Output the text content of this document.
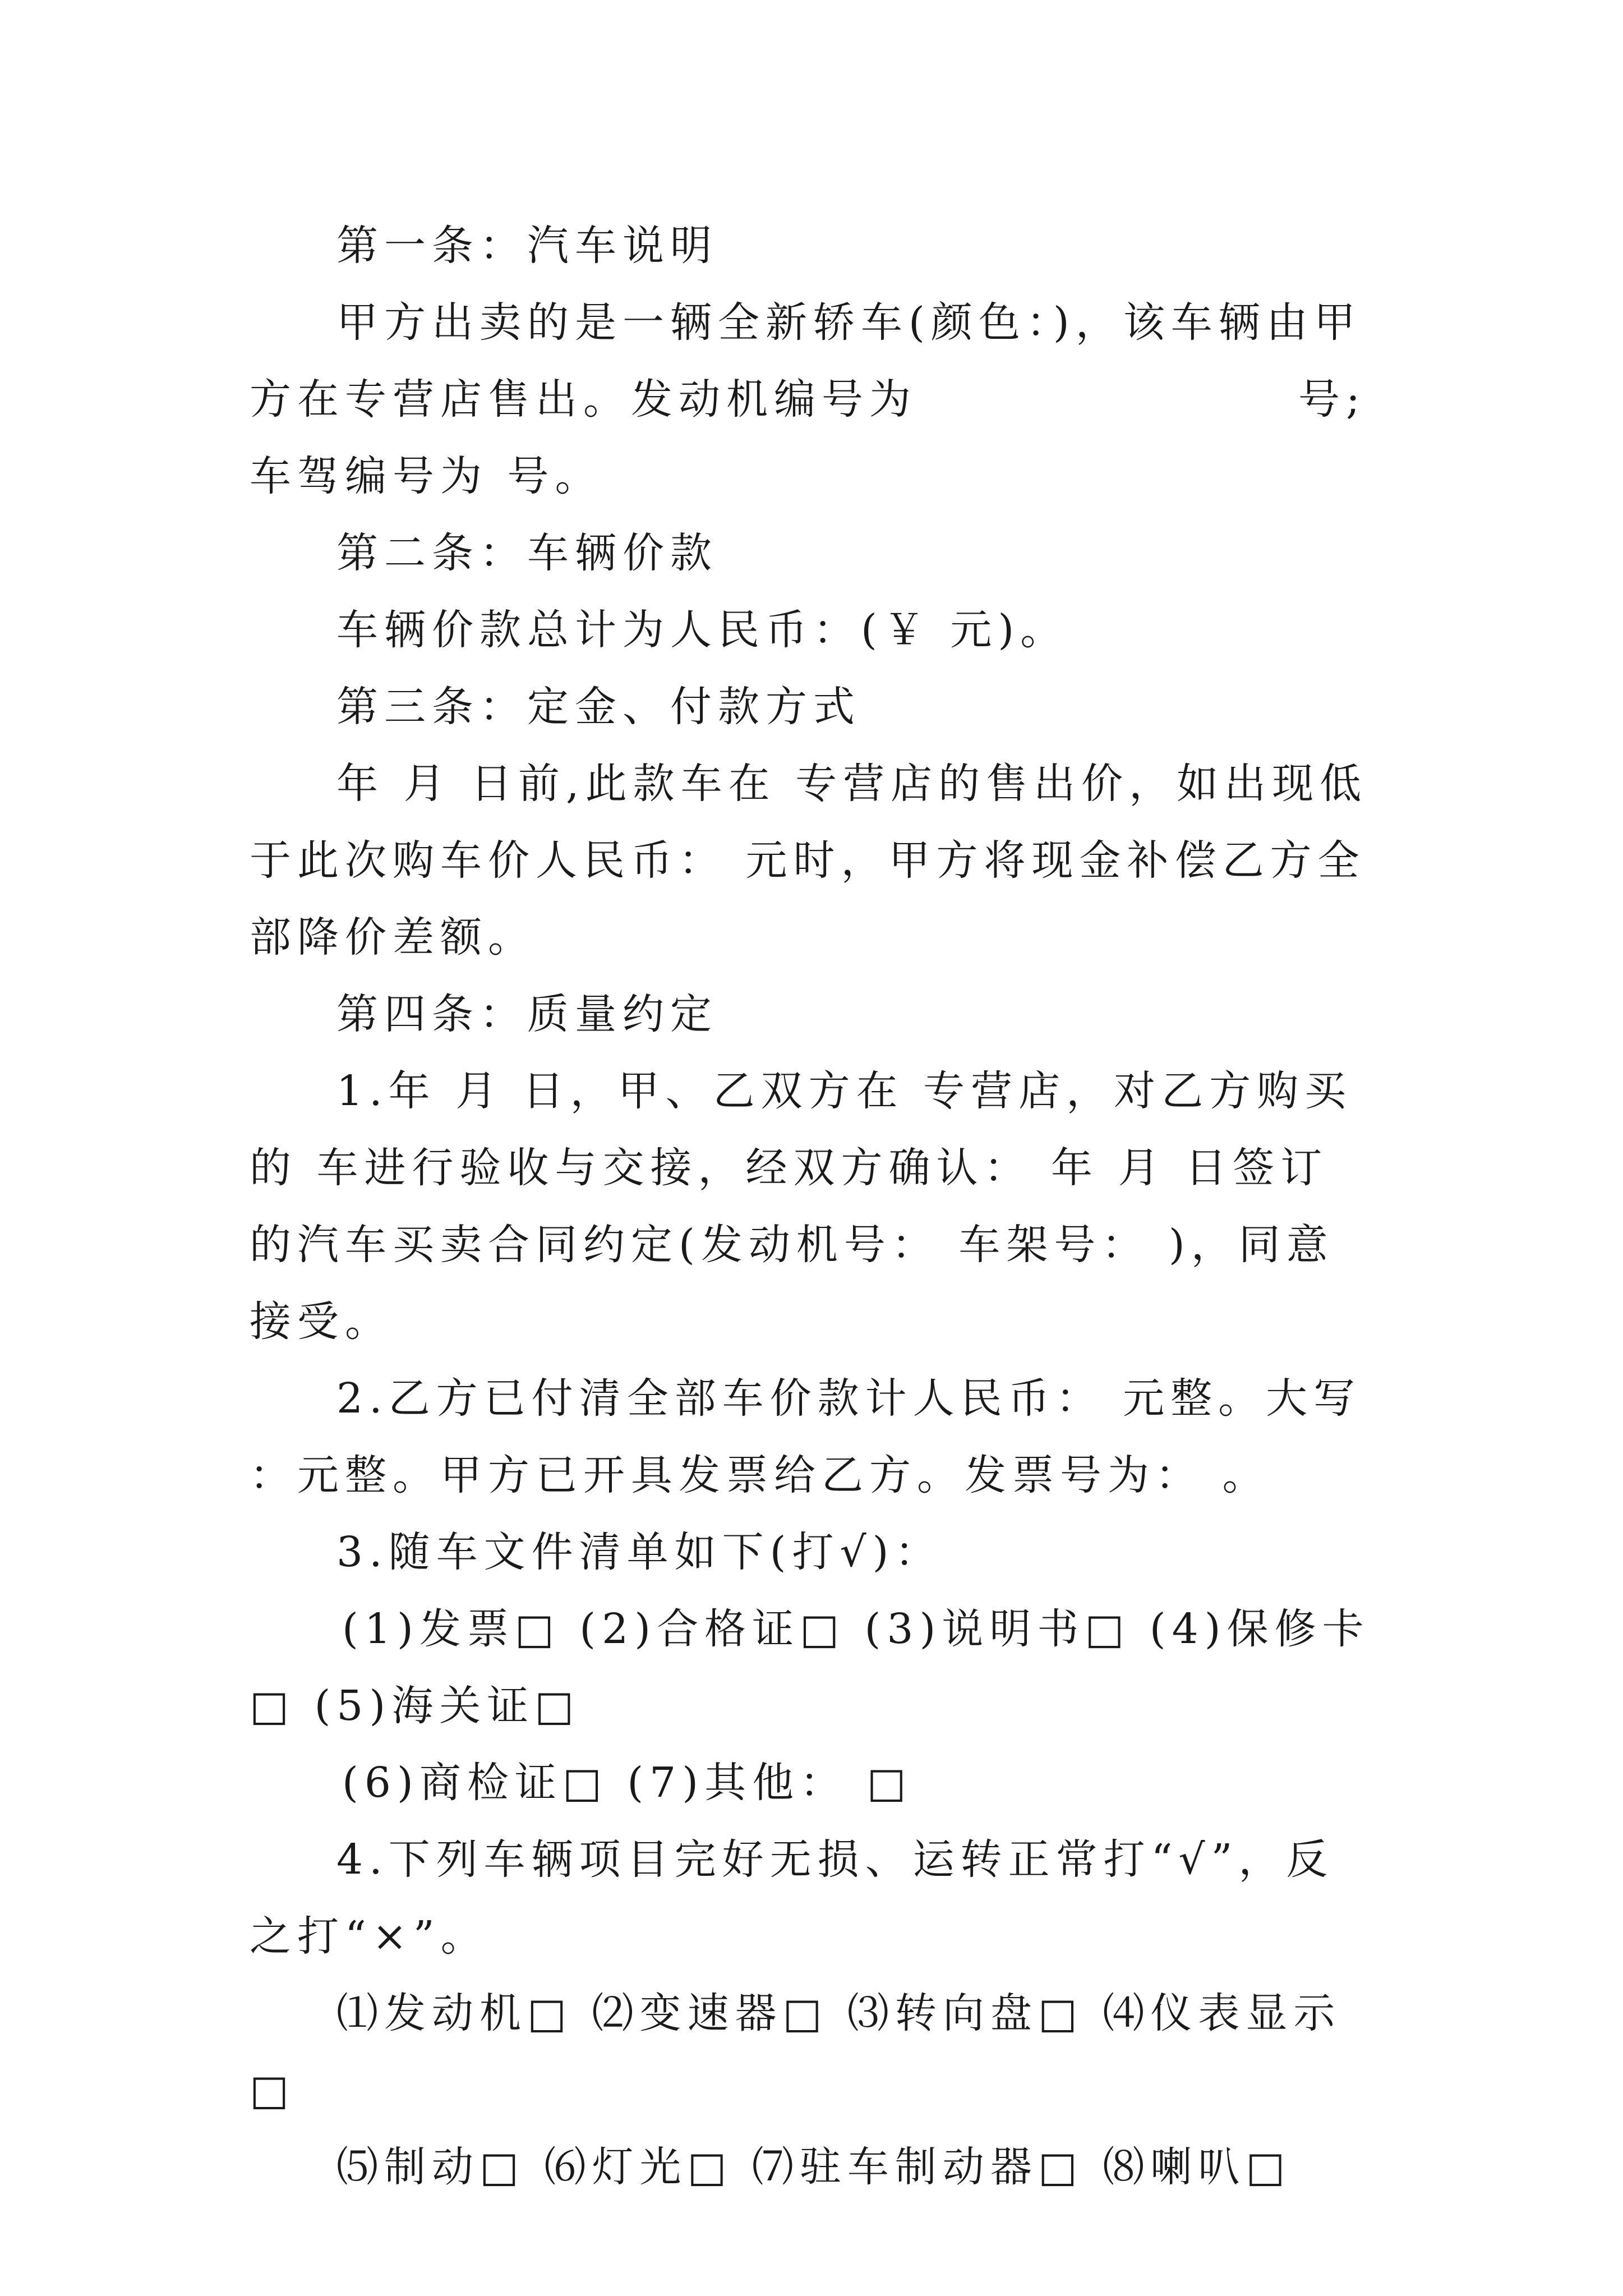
第一条：汽车说明

甲方出卖的是一辆全新轿车(颜色：)，该车辆由甲方在专营店售出。发动机编号为　　　　　　　　号;车驾编号为 号。

第二条：车辆价款

车辆价款总计为人民币：(￥ 元)。

第三条：定金、付款方式

年 月 日前,此款车在 专营店的售出价，如出现低于此次购车价人民币： 元时，甲方将现金补偿乙方全部降价差额。

第四条：质量约定

1.年 月 日，甲、乙双方在 专营店，对乙方购买的 车进行验收与交接，经双方确认： 年 月 日签订的汽车买卖合同约定(发动机号： 车架号： )，同意接受。

2.乙方已付清全部车价款计人民币： 元整。大写 ：元整。甲方已开具发票给乙方。发票号为： 。

3.随车文件清单如下(打√)：

(1)发票□ (2)合格证□ (3)说明书□ (4)保修卡□ (5)海关证□

(6)商检证□ (7)其他： □

4.下列车辆项目完好无损、运转正常打“√”，反之打“×”。

⑴发动机□ ⑵变速器□ ⑶转向盘□ ⑷仪表显示□

⑸制动□ ⑹灯光□ ⑺驻车制动器□ ⑻喇叭□
